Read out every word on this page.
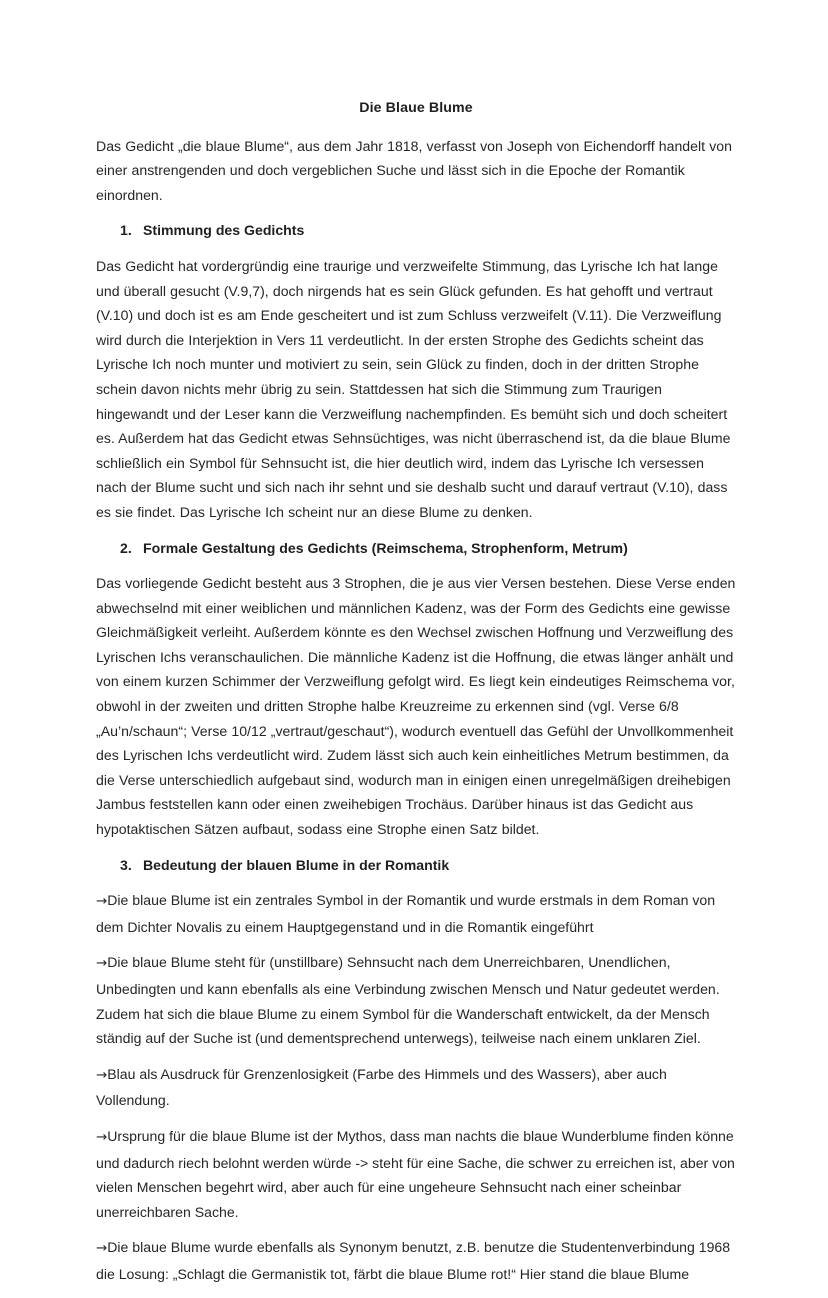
Die Blaue Blume

Das Gedicht „die blaue Blume“, aus dem Jahr 1818, verfasst von Joseph von Eichendorff handelt von einer anstrengenden und doch vergeblichen Suche und lässt sich in die Epoche der Romantik einordnen.

1. Stimmung des Gedichts

Das Gedicht hat vordergründig eine traurige und verzweifelte Stimmung, das Lyrische Ich hat lange und überall gesucht (V.9,7), doch nirgends hat es sein Glück gefunden. Es hat gehofft und vertraut (V.10) und doch ist es am Ende gescheitert und ist zum Schluss verzweifelt (V.11). Die Verzweiflung wird durch die Interjektion in Vers 11 verdeutlicht. In der ersten Strophe des Gedichts scheint das Lyrische Ich noch munter und motiviert zu sein, sein Glück zu finden, doch in der dritten Strophe schein davon nichts mehr übrig zu sein. Stattdessen hat sich die Stimmung zum Traurigen hingewandt und der Leser kann die Verzweiflung nachempfinden. Es bemüht sich und doch scheitert es. Außerdem hat das Gedicht etwas Sehnsüchtiges, was nicht überraschend ist, da die blaue Blume schließlich ein Symbol für Sehnsucht ist, die hier deutlich wird, indem das Lyrische Ich versessen nach der Blume sucht und sich nach ihr sehnt und sie deshalb sucht und darauf vertraut (V.10), dass es sie findet. Das Lyrische Ich scheint nur an diese Blume zu denken.

2. Formale Gestaltung des Gedichts (Reimschema, Strophenform, Metrum)

Das vorliegende Gedicht besteht aus 3 Strophen, die je aus vier Versen bestehen. Diese Verse enden abwechselnd mit einer weiblichen und männlichen Kadenz, was der Form des Gedichts eine gewisse Gleichmäßigkeit verleiht. Außerdem könnte es den Wechsel zwischen Hoffnung und Verzweiflung des Lyrischen Ichs veranschaulichen. Die männliche Kadenz ist die Hoffnung, die etwas länger anhält und von einem kurzen Schimmer der Verzweiflung gefolgt wird. Es liegt kein eindeutiges Reimschema vor, obwohl in der zweiten und dritten Strophe halbe Kreuzreime zu erkennen sind (vgl. Verse 6/8 „Au’n/schaun“; Verse 10/12 „vertraut/geschaut“), wodurch eventuell das Gefühl der Unvollkommenheit des Lyrischen Ichs verdeutlicht wird. Zudem lässt sich auch kein einheitliches Metrum bestimmen, da die Verse unterschiedlich aufgebaut sind, wodurch man in einigen einen unregelmäßigen dreihebigen Jambus feststellen kann oder einen zweihebigen Trochäus. Darüber hinaus ist das Gedicht aus hypotaktischen Sätzen aufbaut, sodass eine Strophe einen Satz bildet.

3. Bedeutung der blauen Blume in der Romantik

→Die blaue Blume ist ein zentrales Symbol in der Romantik und wurde erstmals in dem Roman von dem Dichter Novalis zu einem Hauptgegenstand und in die Romantik eingeführt

→Die blaue Blume steht für (unstillbare) Sehnsucht nach dem Unerreichbaren, Unendlichen, Unbedingten und kann ebenfalls als eine Verbindung zwischen Mensch und Natur gedeutet werden. Zudem hat sich die blaue Blume zu einem Symbol für die Wanderschaft entwickelt, da der Mensch ständig auf der Suche ist (und dementsprechend unterwegs), teilweise nach einem unklaren Ziel.

→Blau als Ausdruck für Grenzenlosigkeit (Farbe des Himmels und des Wassers), aber auch Vollendung.

→Ursprung für die blaue Blume ist der Mythos, dass man nachts die blaue Wunderblume finden könne und dadurch riech belohnt werden würde -> steht für eine Sache, die schwer zu erreichen ist, aber von vielen Menschen begehrt wird, aber auch für eine ungeheure Sehnsucht nach einer scheinbar unerreichbaren Sache.

→Die blaue Blume wurde ebenfalls als Synonym benutzt, z.B. benutze die Studentenverbindung 1968 die Losung: „Schlagt die Germanistik tot, färbt die blaue Blume rot!“ Hier stand die blaue Blume
